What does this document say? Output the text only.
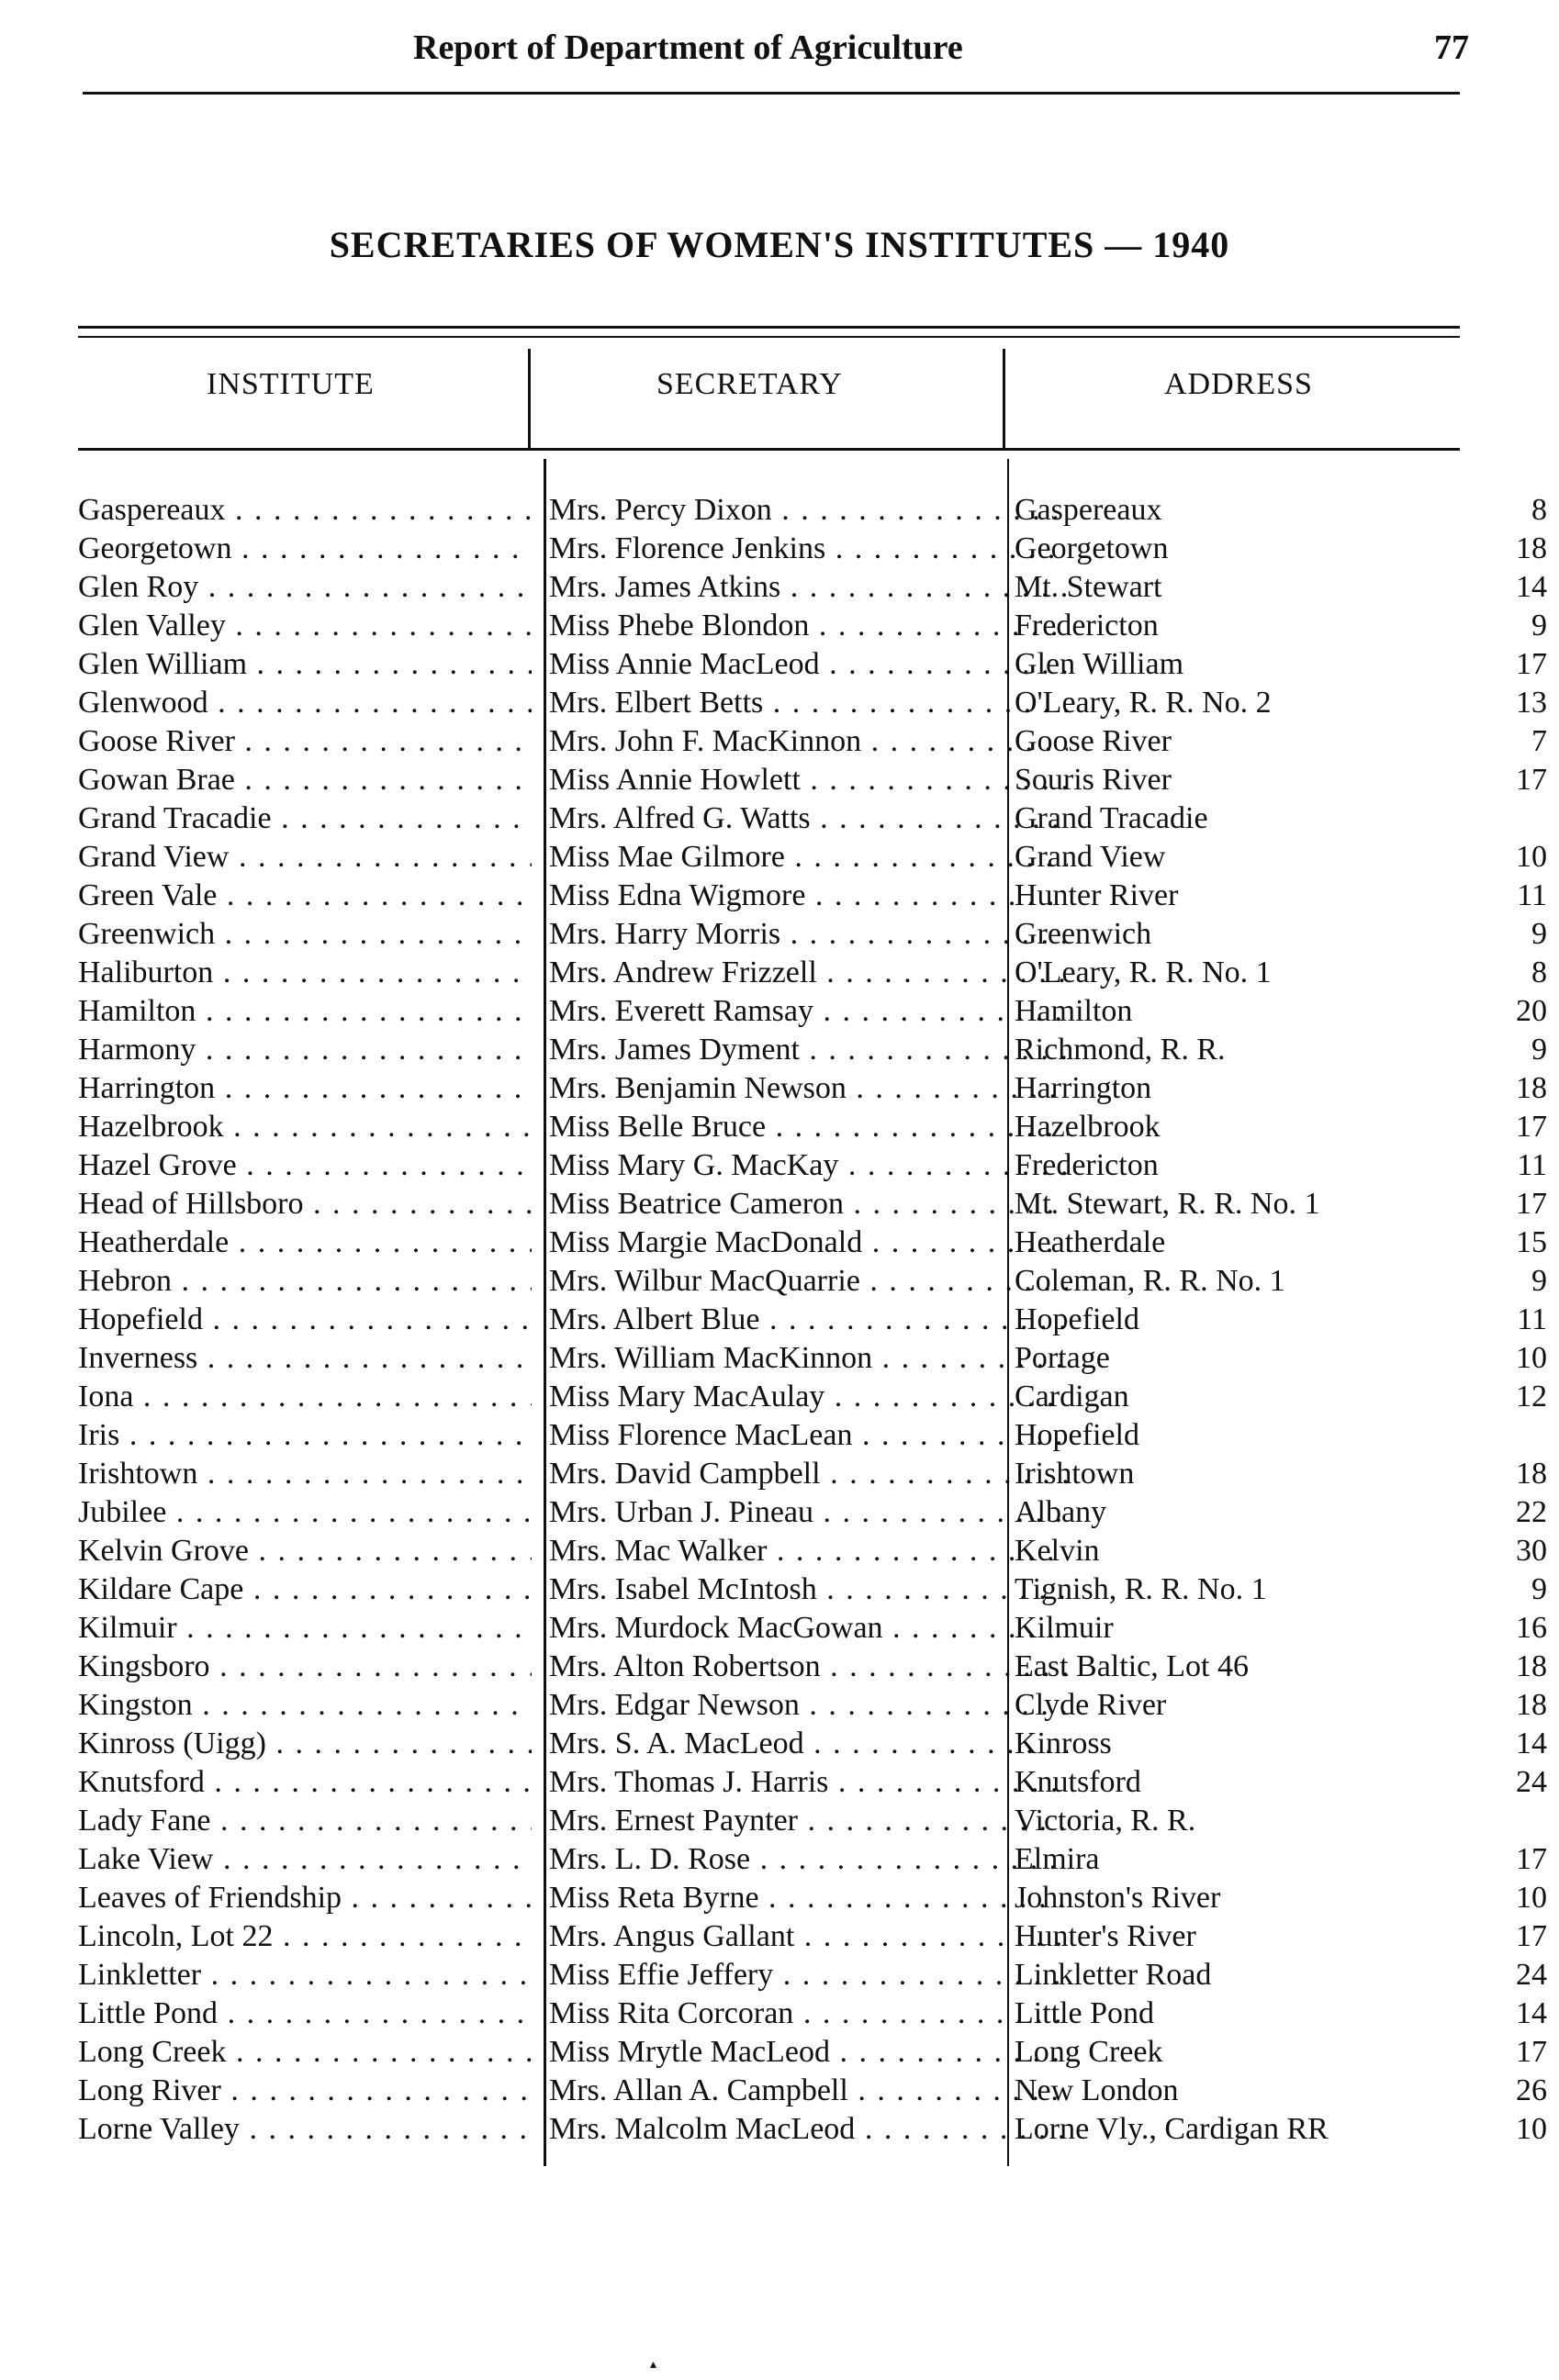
Report of Department of Agriculture	77
SECRETARIES OF WOMEN'S INSTITUTES — 1940
INSTITUTE	SECRETARY	ADDRESS
Gaspereaux . . .	Mrs. Percy Dixon . . .	Gaspereaux	8
Georgetown . . .	Mrs. Florence Jenkins . . .	Georgetown	18
Glen Roy . . .	Mrs. James Atkins . . .	Mt. Stewart	14
Glen Valley . . .	Miss Phebe Blondon . . .	Fredericton	9
Glen William . . .	Miss Annie MacLeod . . .	Glen William	17
Glenwood . . .	Mrs. Elbert Betts . . .	O'Leary, R. R. No. 2	13
Goose River . . .	Mrs. John F. MacKinnon . . .	Goose River	7
Gowan Brae . . .	Miss Annie Howlett . . .	Souris River	17
Grand Tracadie . . .	Mrs. Alfred G. Watts . . .	Grand Tracadie
Grand View . . .	Miss Mae Gilmore . . .	Grand View	10
Green Vale . . .	Miss Edna Wigmore . . .	Hunter River	11
Greenwich . . .	Mrs. Harry Morris . . .	Greenwich	9
Haliburton . . .	Mrs. Andrew Frizzell . . .	O'Leary, R. R. No. 1	8
Hamilton . . .	Mrs. Everett Ramsay . . .	Hamilton	20
Harmony . . .	Mrs. James Dyment . . .	Richmond, R. R.	9
Harrington . . .	Mrs. Benjamin Newson . . .	Harrington	18
Hazelbrook . . .	Miss Belle Bruce . . .	Hazelbrook	17
Hazel Grove . . .	Miss Mary G. MacKay . . .	Fredericton	11
Head of Hillsboro . . .	Miss Beatrice Cameron . . .	Mt. Stewart, R. R. No. 1	17
Heatherdale . . .	Miss Margie MacDonald . . .	Heatherdale	15
Hebron . . .	Mrs. Wilbur MacQuarrie . . .	Coleman, R. R. No. 1	9
Hopefield . . .	Mrs. Albert Blue . . .	Hopefield	11
Inverness . . .	Mrs. William MacKinnon . . .	Portage	10
Iona . . .	Miss Mary MacAulay . . .	Cardigan	12
Iris . . .	Miss Florence MacLean . . .	Hopefield
Irishtown . . .	Mrs. David Campbell . . .	Irishtown	18
Jubilee . . .	Mrs. Urban J. Pineau . . .	Albany	22
Kelvin Grove . . .	Mrs. Mac Walker . . .	Kelvin	30
Kildare Cape . . .	Mrs. Isabel McIntosh . . .	Tignish, R. R. No. 1	9
Kilmuir . . .	Mrs. Murdock MacGowan . . .	Kilmuir	16
Kingsboro . . .	Mrs. Alton Robertson . . .	East Baltic, Lot 46	18
Kingston . . .	Mrs. Edgar Newson . . .	Clyde River	18
Kinross (Uigg) . . .	Mrs. S. A. MacLeod . . .	Kinross	14
Knutsford . . .	Mrs. Thomas J. Harris . . .	Knutsford	24
Lady Fane . . .	Mrs. Ernest Paynter . . .	Victoria, R. R.
Lake View . . .	Mrs. L. D. Rose . . .	Elmira	17
Leaves of Friendship . . .	Miss Reta Byrne . . .	Johnston's River	10
Lincoln, Lot 22 . . .	Mrs. Angus Gallant . . .	Hunter's River	17
Linkletter . . .	Miss Effie Jeffery . . .	Linkletter Road	24
Little Pond . . .	Miss Rita Corcoran . . .	Little Pond	14
Long Creek . . .	Miss Mrytle MacLeod . . .	Long Creek	17
Long River . . .	Mrs. Allan A. Campbell . . .	New London	26
Lorne Valley . . .	Mrs. Malcolm MacLeod . . .	Lorne Vly., Cardigan RR	10
▴
